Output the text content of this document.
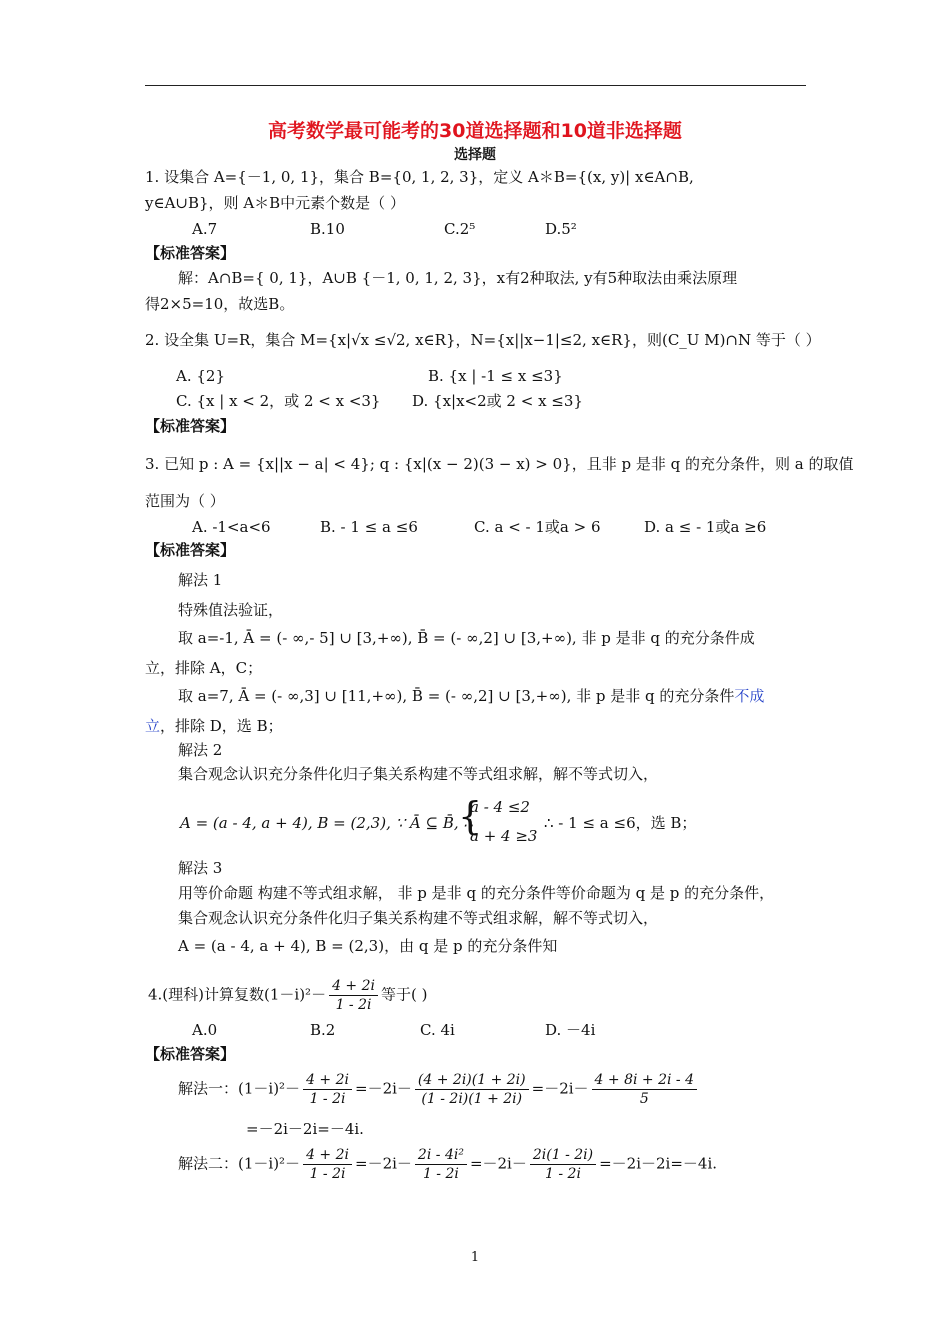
高考数学最可能考的30道选择题和10道非选择题
选择题
1. 设集合 A={－1, 0, 1}，集合 B={0, 1, 2, 3}，定义 A＊B={(x, y)| x∈A∩B,
y∈A∪B}，则 A＊B中元素个数是（ ）
A.7	B.10	C.2⁵	D.5²
【标准答案】
解：A∩B={ 0, 1}，A∪B {－1, 0, 1, 2, 3}，x有2种取法, y有5种取法由乘法原理
得2×5=10，故选B。
2. 设全集 U=R，集合 M={x|√x ≤√2, x∈R}，N={x||x−1|≤2, x∈R}，则(C_U M)∩N 等于（ ）
A. {2}	B. {x | -1 ≤ x ≤3}
C. {x | x < 2，或 2 < x <3} D. {x|x<2或 2 < x ≤3}
【标准答案】
3. 已知 p : A = {x||x − a| < 4}; q : {x|(x − 2)(3 − x) > 0}，且非 p 是非 q 的充分条件，则 a 的取值
范围为（ ）
A. -1<a<6	B. - 1 ≤ a ≤6	C. a < - 1或a > 6	D. a ≤ - 1或a ≥6
【标准答案】
解法 1
特殊值法验证，
取 a=-1, Ā = (- ∞,- 5] ∪ [3,+∞), B̄ = (- ∞,2] ∪ [3,+∞), 非 p 是非 q 的充分条件成
立，排除 A，C；
取 a=7, Ā = (- ∞,3] ∪ [11,+∞), B̄ = (- ∞,2] ∪ [3,+∞), 非 p 是非 q 的充分条件不成
立，排除 D，选 B；
解法 2
集合观念认识充分条件化归子集关系构建不等式组求解，解不等式切入，
A = (a - 4, a + 4), B = (2,3), ∵ Ā ⊆ B̄, ∴
{
a - 4 ≤2
a + 4 ≥3
∴ - 1 ≤ a ≤6，选 B；
解法 3
用等价命题 构建不等式组求解， 非 p 是非 q 的充分条件等价命题为 q 是 p 的充分条件，
集合观念认识充分条件化归子集关系构建不等式组求解，解不等式切入，
A = (a - 4, a + 4), B = (2,3)，由 q 是 p 的充分条件知
4.(理科)计算复数$(1-i)^2- \frac{4 + 2i}{1 - 2i}$ 等于( )
A.0	B.2	C. 4i	D. －4i
【标准答案】
解法一：$(1-i)^2- \frac{4 + 2i}{1 - 2i} =-2i- \frac{(4 + 2i)(1 + 2i)}{(1 - 2i)(1 + 2i)} =-2i- \frac{4 + 8i + 2i - 4}{5}$
=－2i－2i=－4i.
解法二：$(1-i)^2- \frac{4 + 2i}{1 - 2i} =-2i- \frac{\text{2i - 4i²}}{1 - 2i} =-2i- \frac{2i(1 - 2i)}{1 - 2i} =-2i-2i=-4i$.
1
